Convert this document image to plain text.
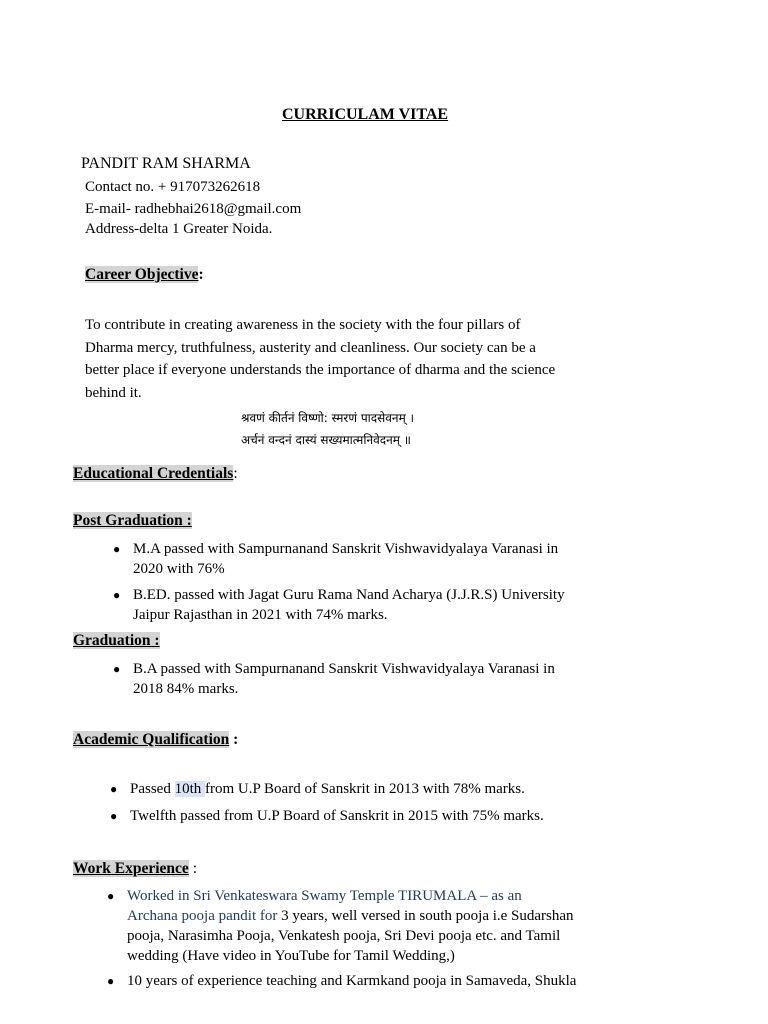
CURRICULAM VITAE
PANDIT RAM SHARMA
Contact no. + 917073262618
E-mail- radhebhai2618@gmail.com
Address-delta 1 Greater Noida.
Career Objective:
To contribute in creating awareness in the society with the four pillars of
Dharma mercy, truthfulness, austerity and cleanliness. Our society can be a
better place if everyone understands the importance of dharma and the science
behind it.
श्रवणं कीर्तनं विष्णो: स्मरणं पादसेवनम् ।
अर्चनं वन्दनं दास्यं सख्यमात्मनिवेदनम् ॥
Educational Credentials:
Post Graduation :
● M.A passed with Sampurnanand Sanskrit Vishwavidyalaya Varanasi in
2020 with 76%
● B.ED. passed with Jagat Guru Rama Nand Acharya (J.J.R.S) University
Jaipur Rajasthan in 2021 with 74% marks.
Graduation :
● B.A passed with Sampurnanand Sanskrit Vishwavidyalaya Varanasi in
2018 84% marks.
Academic Qualification :
● Passed 10th from U.P Board of Sanskrit in 2013 with 78% marks.
● Twelfth passed from U.P Board of Sanskrit in 2015 with 75% marks.
Work Experience :
● Worked in Sri Venkateswara Swamy Temple TIRUMALA – as an
Archana pooja pandit for 3 years, well versed in south pooja i.e Sudarshan
pooja, Narasimha Pooja, Venkatesh pooja, Sri Devi pooja etc. and Tamil
wedding (Have video in YouTube for Tamil Wedding,)
● 10 years of experience teaching and Karmkand pooja in Samaveda, Shukla
